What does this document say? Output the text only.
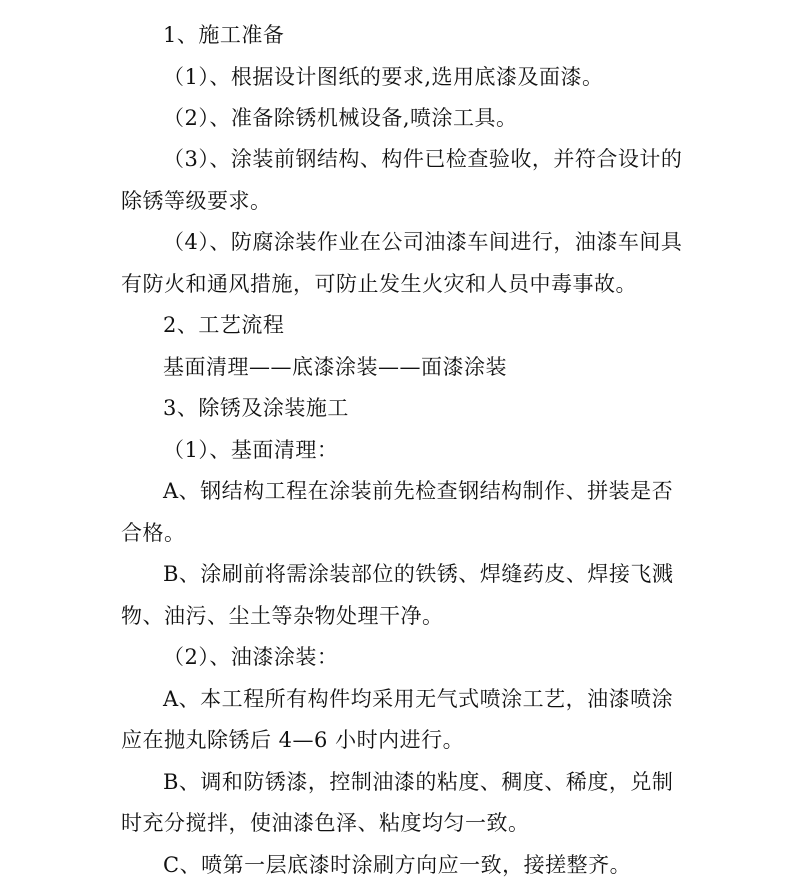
1、施工准备
（1）、根据设计图纸的要求,选用底漆及面漆。
（2）、准备除锈机械设备,喷涂工具。
（3）、涂装前钢结构、构件已检查验收，并符合设计的
除锈等级要求。
（4）、防腐涂装作业在公司油漆车间进行，油漆车间具
有防火和通风措施，可防止发生火灾和人员中毒事故。
2、工艺流程
基面清理——底漆涂装——面漆涂装
3、除锈及涂装施工
（1）、基面清理：
A、钢结构工程在涂装前先检查钢结构制作、拼装是否
合格。
B、涂刷前将需涂装部位的铁锈、焊缝药皮、焊接飞溅
物、油污、尘土等杂物处理干净。
（2）、油漆涂装：
A、本工程所有构件均采用无气式喷涂工艺，油漆喷涂
应在抛丸除锈后 4—6 小时内进行。
B、调和防锈漆，控制油漆的粘度、稠度、稀度，兑制
时充分搅拌，使油漆色泽、粘度均匀一致。
C、喷第一层底漆时涂刷方向应一致，接搓整齐。
